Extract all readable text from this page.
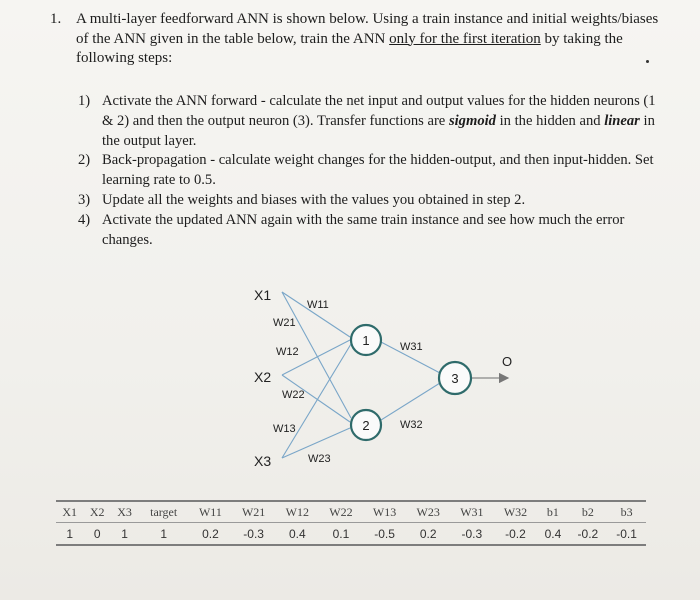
1. A multi-layer feedforward ANN is shown below. Using a train instance and initial weights/biases of the ANN given in the table below, train the ANN only for the first iteration by taking the following steps:
1) Activate the ANN forward - calculate the net input and output values for the hidden neurons (1 & 2) and then the output neuron (3). Transfer functions are sigmoid in the hidden and linear in the output layer.
2) Back-propagation - calculate weight changes for the hidden-output, and then input-hidden. Set learning rate to 0.5.
3) Update all the weights and biases with the values you obtained in step 2.
4) Activate the updated ANN again with the same train instance and see how much the error changes.
1
2
3
X1
X2
X3
O
W11
W21
W12
W22
W13
W23
W31
W32
X1	X2	X3	target	W11	W21	W12	W22	W13	W23	W31	W32	b1	b2	b3
1	0	1	1	0.2	-0.3	0.4	0.1	-0.5	0.2	-0.3	-0.2	0.4	-0.2	-0.1
